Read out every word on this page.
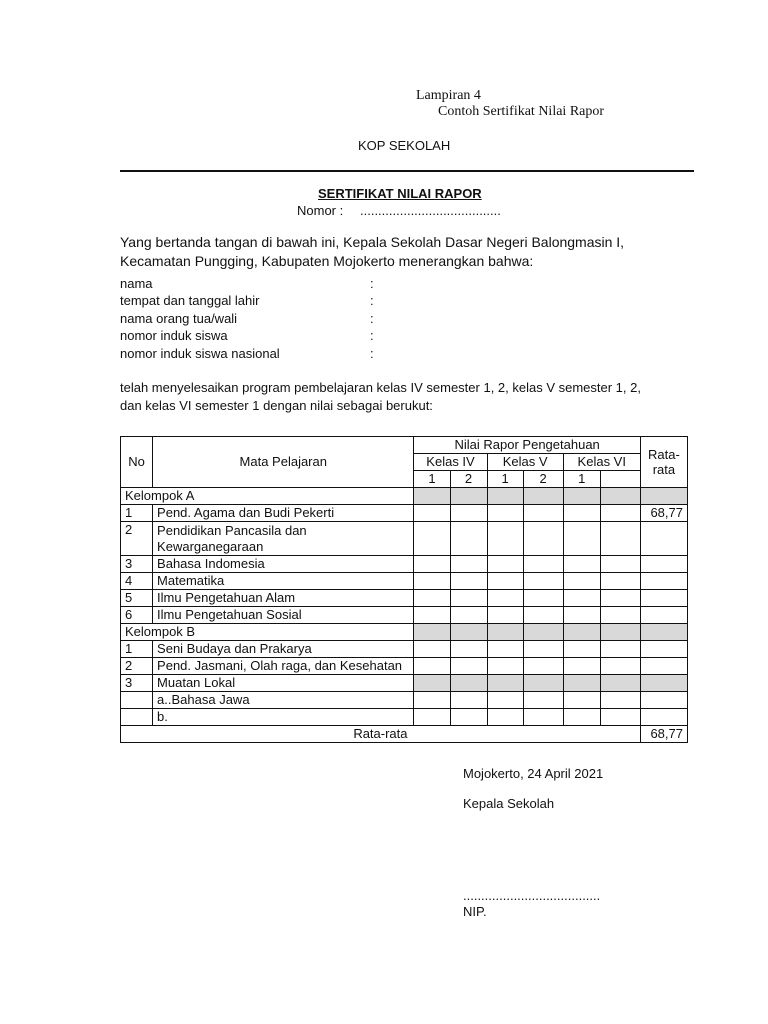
Lampiran 4
Contoh Sertifikat Nilai Rapor
KOP SEKOLAH
SERTIFIKAT NILAI RAPOR
Nomor : .......................................
Yang bertanda tangan di bawah ini, Kepala Sekolah Dasar Negeri Balongmasin I,
Kecamatan Pungging, Kabupaten Mojokerto menerangkan bahwa:
nama	:
tempat dan tanggal lahir	:
nama orang tua/wali	:
nomor induk siswa	:
nomor induk siswa nasional	:
telah menyelesaikan program pembelajaran kelas IV semester 1, 2, kelas V semester 1, 2,
dan kelas VI semester 1 dengan nilai sebagai berukut:
No	Mata Pelajaran	Nilai Rapor Pengetahuan						Rata-rata
		Kelas IV		Kelas V		Kelas VI		
		1	2	1	2	1		
Kelompok A								
1	Pend. Agama dan Budi Pekerti							68,77
2	Pendidikan Pancasila dan Kewarganegaraan							
3	Bahasa Indomesia							
4	Matematika							
5	Ilmu Pengetahuan Alam							
6	Ilmu Pengetahuan Sosial							
Kelompok B								
1	Seni Budaya dan Prakarya							
2	Pend. Jasmani, Olah raga, dan Kesehatan							
3	Muatan Lokal							
	a..Bahasa Jawa							
	b.							
Rata-rata								68,77
Mojokerto, 24 April 2021
Kepala Sekolah
......................................
NIP.
